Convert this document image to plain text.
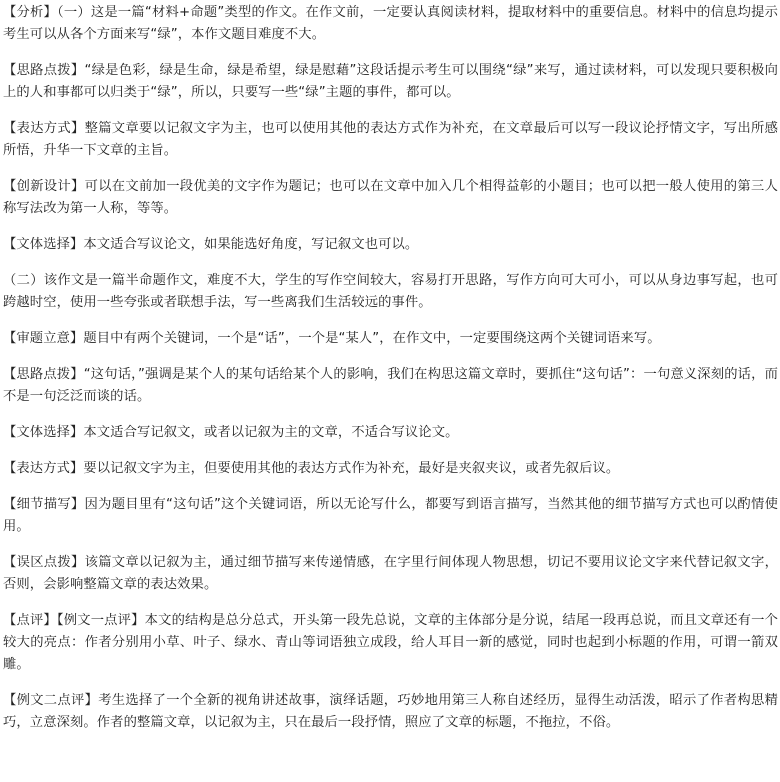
【分析】（一）这是一篇“材料+命题”类型的作文。在作文前，一定要认真阅读材料，提取材料中的重要信息。材料中的信息均提示考生可以从各个方面来写“绿”，本作文题目难度不大。

【思路点拨】“绿是色彩，绿是生命，绿是希望，绿是慰藉”这段话提示考生可以围绕“绿”来写，通过读材料，可以发现只要积极向上的人和事都可以归类于“绿”，所以，只要写一些“绿”主题的事件，都可以。

【表达方式】整篇文章要以记叙文字为主，也可以使用其他的表达方式作为补充，在文章最后可以写一段议论抒情文字，写出所感所悟，升华一下文章的主旨。

【创新设计】可以在文前加一段优美的文字作为题记；也可以在文章中加入几个相得益彰的小题目；也可以把一般人使用的第三人称写法改为第一人称，等等。

【文体选择】本文适合写议论文，如果能选好角度，写记叙文也可以。

（二）该作文是一篇半命题作文，难度不大，学生的写作空间较大，容易打开思路，写作方向可大可小，可以从身边事写起，也可跨越时空，使用一些夸张或者联想手法，写一些离我们生活较远的事件。

【审题立意】题目中有两个关键词，一个是“话”，一个是“某人”，在作文中，一定要围绕这两个关键词语来写。

【思路点拨】“这句话，”强调是某个人的某句话给某个人的影响，我们在构思这篇文章时，要抓住“这句话”：一句意义深刻的话，而不是一句泛泛而谈的话。

【文体选择】本文适合写记叙文，或者以记叙为主的文章，不适合写议论文。

【表达方式】要以记叙文字为主，但要使用其他的表达方式作为补充，最好是夹叙夹议，或者先叙后议。

【细节描写】因为题目里有“这句话”这个关键词语，所以无论写什么，都要写到语言描写，当然其他的细节描写方式也可以酌情使用。

【误区点拨】该篇文章以记叙为主，通过细节描写来传递情感，在字里行间体现人物思想，切记不要用议论文字来代替记叙文字，否则，会影响整篇文章的表达效果。

【点评】【例文一点评】本文的结构是总分总式，开头第一段先总说，文章的主体部分是分说，结尾一段再总说，而且文章还有一个较大的亮点：作者分别用小草、叶子、绿水、青山等词语独立成段，给人耳目一新的感觉，同时也起到小标题的作用，可谓一箭双雕。

【例文二点评】考生选择了一个全新的视角讲述故事，演绎话题，巧妙地用第三人称自述经历，显得生动活泼，昭示了作者构思精巧，立意深刻。作者的整篇文章，以记叙为主，只在最后一段抒情，照应了文章的标题，不拖拉，不俗。
